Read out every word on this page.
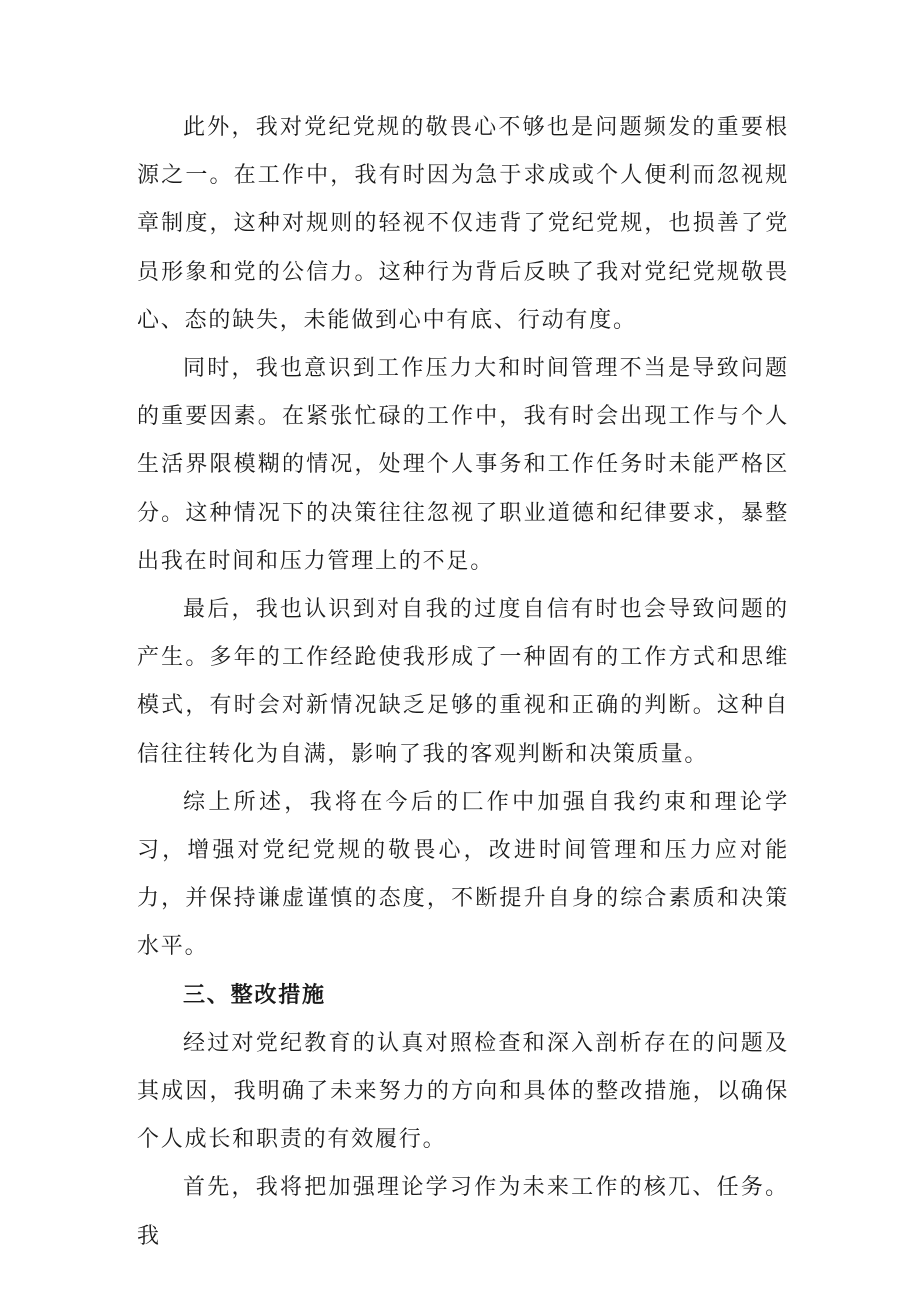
此外，我对党纪党规的敬畏心不够也是问题频发的重要根源之一。在工作中，我有时因为急于求成或个人便利而忽视规章制度，这种对规则的轻视不仅违背了党纪党规，也损善了党员形象和党的公信力。这种行为背后反映了我对党纪党规敬畏心、态的缺失，未能做到心中有底、行动有度。

同时，我也意识到工作压力大和时间管理不当是导致问题的重要因素。在紧张忙碌的工作中，我有时会出现工作与个人生活界限模糊的情况，处理个人事务和工作任务时未能严格区分。这种情况下的决策往往忽视了职业道德和纪律要求，暴整出我在时间和压力管理上的不足。

最后，我也认识到对自我的过度自信有时也会导致问题的产生。多年的工作经跄使我形成了一种固有的工作方式和思维模式，有时会对新情况缺乏足够的重视和正确的判断。这种自信往往转化为自满，影响了我的客观判断和决策质量。

综上所述，我将在今后的匚作中加强自我约束和理论学习，增强对党纪党规的敬畏心，改进时间管理和压力应对能力，并保持谦虚谨慎的态度，不断提升自身的综合素质和决策水平。

三、整改措施

经过对党纪教育的认真对照检查和深入剖析存在的问题及其成因，我明确了未来努力的方向和具体的整改措施，以确保个人成长和职责的有效履行。

首先，我将把加强理论学习作为未来工作的核兀、任务。我
